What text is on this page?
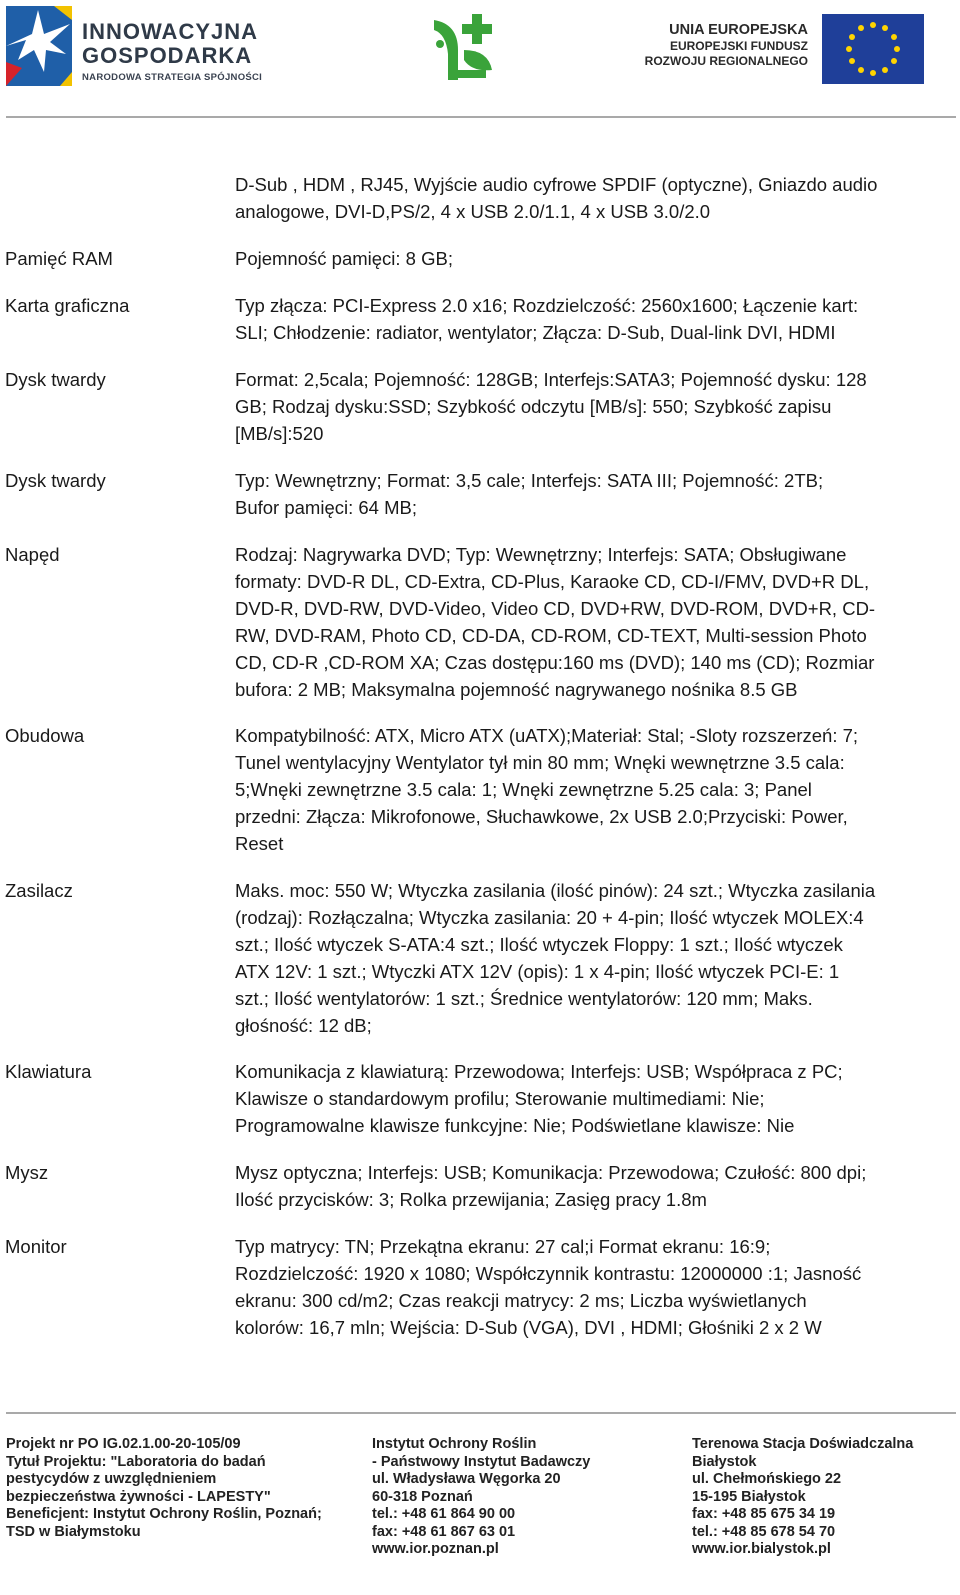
INNOWACYJNA
GOSPODARKA
NARODOWA STRATEGIA SPÓJNOŚCI
UNIA EUROPEJSKA
EUROPEJSKI FUNDUSZ
ROZWOJU REGIONALNEGO
D-Sub , HDM , RJ45, Wyjście audio cyfrowe SPDIF (optyczne), Gniazdo audio
analogowe, DVI-D,PS/2, 4 x USB 2.0/1.1, 4 x USB 3.0/2.0
Pamięć RAM	Pojemność pamięci: 8 GB;
Karta graficzna	Typ złącza: PCI-Express 2.0 x16; Rozdzielczość: 2560x1600; Łączenie kart:
SLI; Chłodzenie: radiator, wentylator; Złącza: D-Sub, Dual-link DVI, HDMI
Dysk twardy	Format: 2,5cala; Pojemność: 128GB; Interfejs:SATA3; Pojemność dysku: 128
GB; Rodzaj dysku:SSD; Szybkość odczytu [MB/s]: 550; Szybkość zapisu
[MB/s]:520
Dysk twardy	Typ: Wewnętrzny; Format: 3,5 cale; Interfejs: SATA III; Pojemność: 2TB;
Bufor pamięci: 64 MB;
Napęd	Rodzaj: Nagrywarka DVD; Typ: Wewnętrzny; Interfejs: SATA; Obsługiwane
formaty: DVD-R DL, CD-Extra, CD-Plus, Karaoke CD, CD-I/FMV, DVD+R DL,
DVD-R, DVD-RW, DVD-Video, Video CD, DVD+RW, DVD-ROM, DVD+R, CD-
RW, DVD-RAM, Photo CD, CD-DA, CD-ROM, CD-TEXT, Multi-session Photo
CD, CD-R ,CD-ROM XA; Czas dostępu:160 ms (DVD); 140 ms (CD); Rozmiar
bufora: 2 MB; Maksymalna pojemność nagrywanego nośnika 8.5 GB
Obudowa	Kompatybilność: ATX, Micro ATX (uATX);Materiał: Stal; -Sloty rozszerzeń: 7;
Tunel wentylacyjny Wentylator tył min 80 mm; Wnęki wewnętrzne 3.5 cala:
5;Wnęki zewnętrzne 3.5 cala: 1; Wnęki zewnętrzne 5.25 cala: 3; Panel
przedni: Złącza: Mikrofonowe, Słuchawkowe, 2x USB 2.0;Przyciski: Power,
Reset
Zasilacz	Maks. moc: 550 W; Wtyczka zasilania (ilość pinów): 24 szt.; Wtyczka zasilania
(rodzaj): Rozłączalna; Wtyczka zasilania: 20 + 4-pin; Ilość wtyczek MOLEX:4
szt.; Ilość wtyczek S-ATA:4 szt.; Ilość wtyczek Floppy: 1 szt.; Ilość wtyczek
ATX 12V: 1 szt.; Wtyczki ATX 12V (opis): 1 x 4-pin; Ilość wtyczek PCI-E: 1
szt.; Ilość wentylatorów: 1 szt.; Średnice wentylatorów: 120 mm; Maks.
głośność: 12 dB;
Klawiatura	Komunikacja z klawiaturą: Przewodowa; Interfejs: USB; Współpraca z PC;
Klawisze o standardowym profilu; Sterowanie multimediami: Nie;
Programowalne klawisze funkcyjne: Nie; Podświetlane klawisze: Nie
Mysz	Mysz optyczna; Interfejs: USB; Komunikacja: Przewodowa; Czułość: 800 dpi;
Ilość przycisków: 3; Rolka przewijania; Zasięg pracy 1.8m
Monitor	Typ matrycy: TN; Przekątna ekranu: 27 cal;i Format ekranu: 16:9;
Rozdzielczość: 1920 x 1080; Współczynnik kontrastu: 12000000 :1; Jasność
ekranu: 300 cd/m2; Czas reakcji matrycy: 2 ms; Liczba wyświetlanych
kolorów: 16,7 mln; Wejścia: D-Sub (VGA), DVI , HDMI; Głośniki 2 x 2 W
Projekt nr PO IG.02.1.00-20-105/09
Tytuł Projektu: "Laboratoria do badań
pestycydów z uwzględnieniem
bezpieczeństwa żywności - LAPESTY"
Beneficjent: Instytut Ochrony Roślin, Poznań;
TSD w Białymstoku
Instytut Ochrony Roślin
- Państwowy Instytut Badawczy
ul. Władysława Węgorka 20
60-318 Poznań
tel.: +48 61 864 90 00
fax: +48 61 867 63 01
www.ior.poznan.pl
Terenowa Stacja Doświadczalna
Białystok
ul. Chełmońskiego 22
15-195 Białystok
fax: +48 85 675 34 19
tel.: +48 85 678 54 70
www.ior.bialystok.pl
